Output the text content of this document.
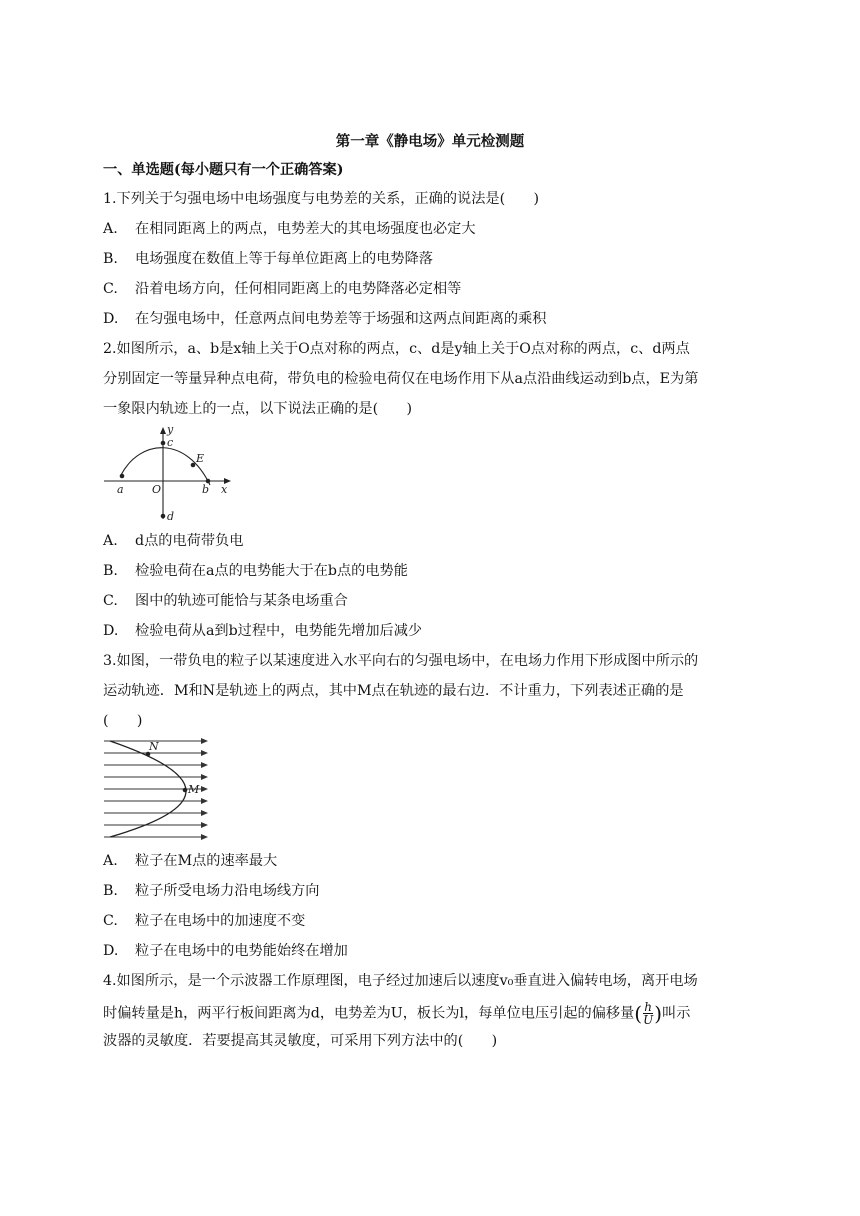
第一章《静电场》单元检测题
一、单选题(每小题只有一个正确答案)
1.下列关于匀强电场中电场强度与电势差的关系，正确的说法是(　　)
A. 在相同距离上的两点，电势差大的其电场强度也必定大
B. 电场强度在数值上等于每单位距离上的电势降落
C. 沿着电场方向，任何相同距离上的电势降落必定相等
D. 在匀强电场中，任意两点间电势差等于场强和这两点间距离的乘积
2.如图所示，a、b是x轴上关于O点对称的两点，c、d是y轴上关于O点对称的两点，c、d两点
分别固定一等量异种点电荷，带负电的检验电荷仅在电场作用下从a点沿曲线运动到b点，E为第
一象限内轨迹上的一点，以下说法正确的是(　　)
y
c
E
a	O	b x
d
A. d点的电荷带负电
B. 检验电荷在a点的电势能大于在b点的电势能
C. 图中的轨迹可能恰与某条电场重合
D. 检验电荷从a到b过程中，电势能先增加后减少
3.如图，一带负电的粒子以某速度进入水平向右的匀强电场中，在电场力作用下形成图中所示的
运动轨迹．M和N是轨迹上的两点，其中M点在轨迹的最右边．不计重力，下列表述正确的是
(　　)
N
M
A. 粒子在M点的速率最大
B. 粒子所受电场力沿电场线方向
C. 粒子在电场中的加速度不变
D. 粒子在电场中的电势能始终在增加
4.如图所示，是一个示波器工作原理图，电子经过加速后以速度v₀垂直进入偏转电场，离开电场
时偏转量是h，两平行板间距离为d，电势差为U，板长为l，每单位电压引起的偏移量( $\frac{h}{U}$ )叫示
波器的灵敏度．若要提高其灵敏度，可采用下列方法中的(　　)
